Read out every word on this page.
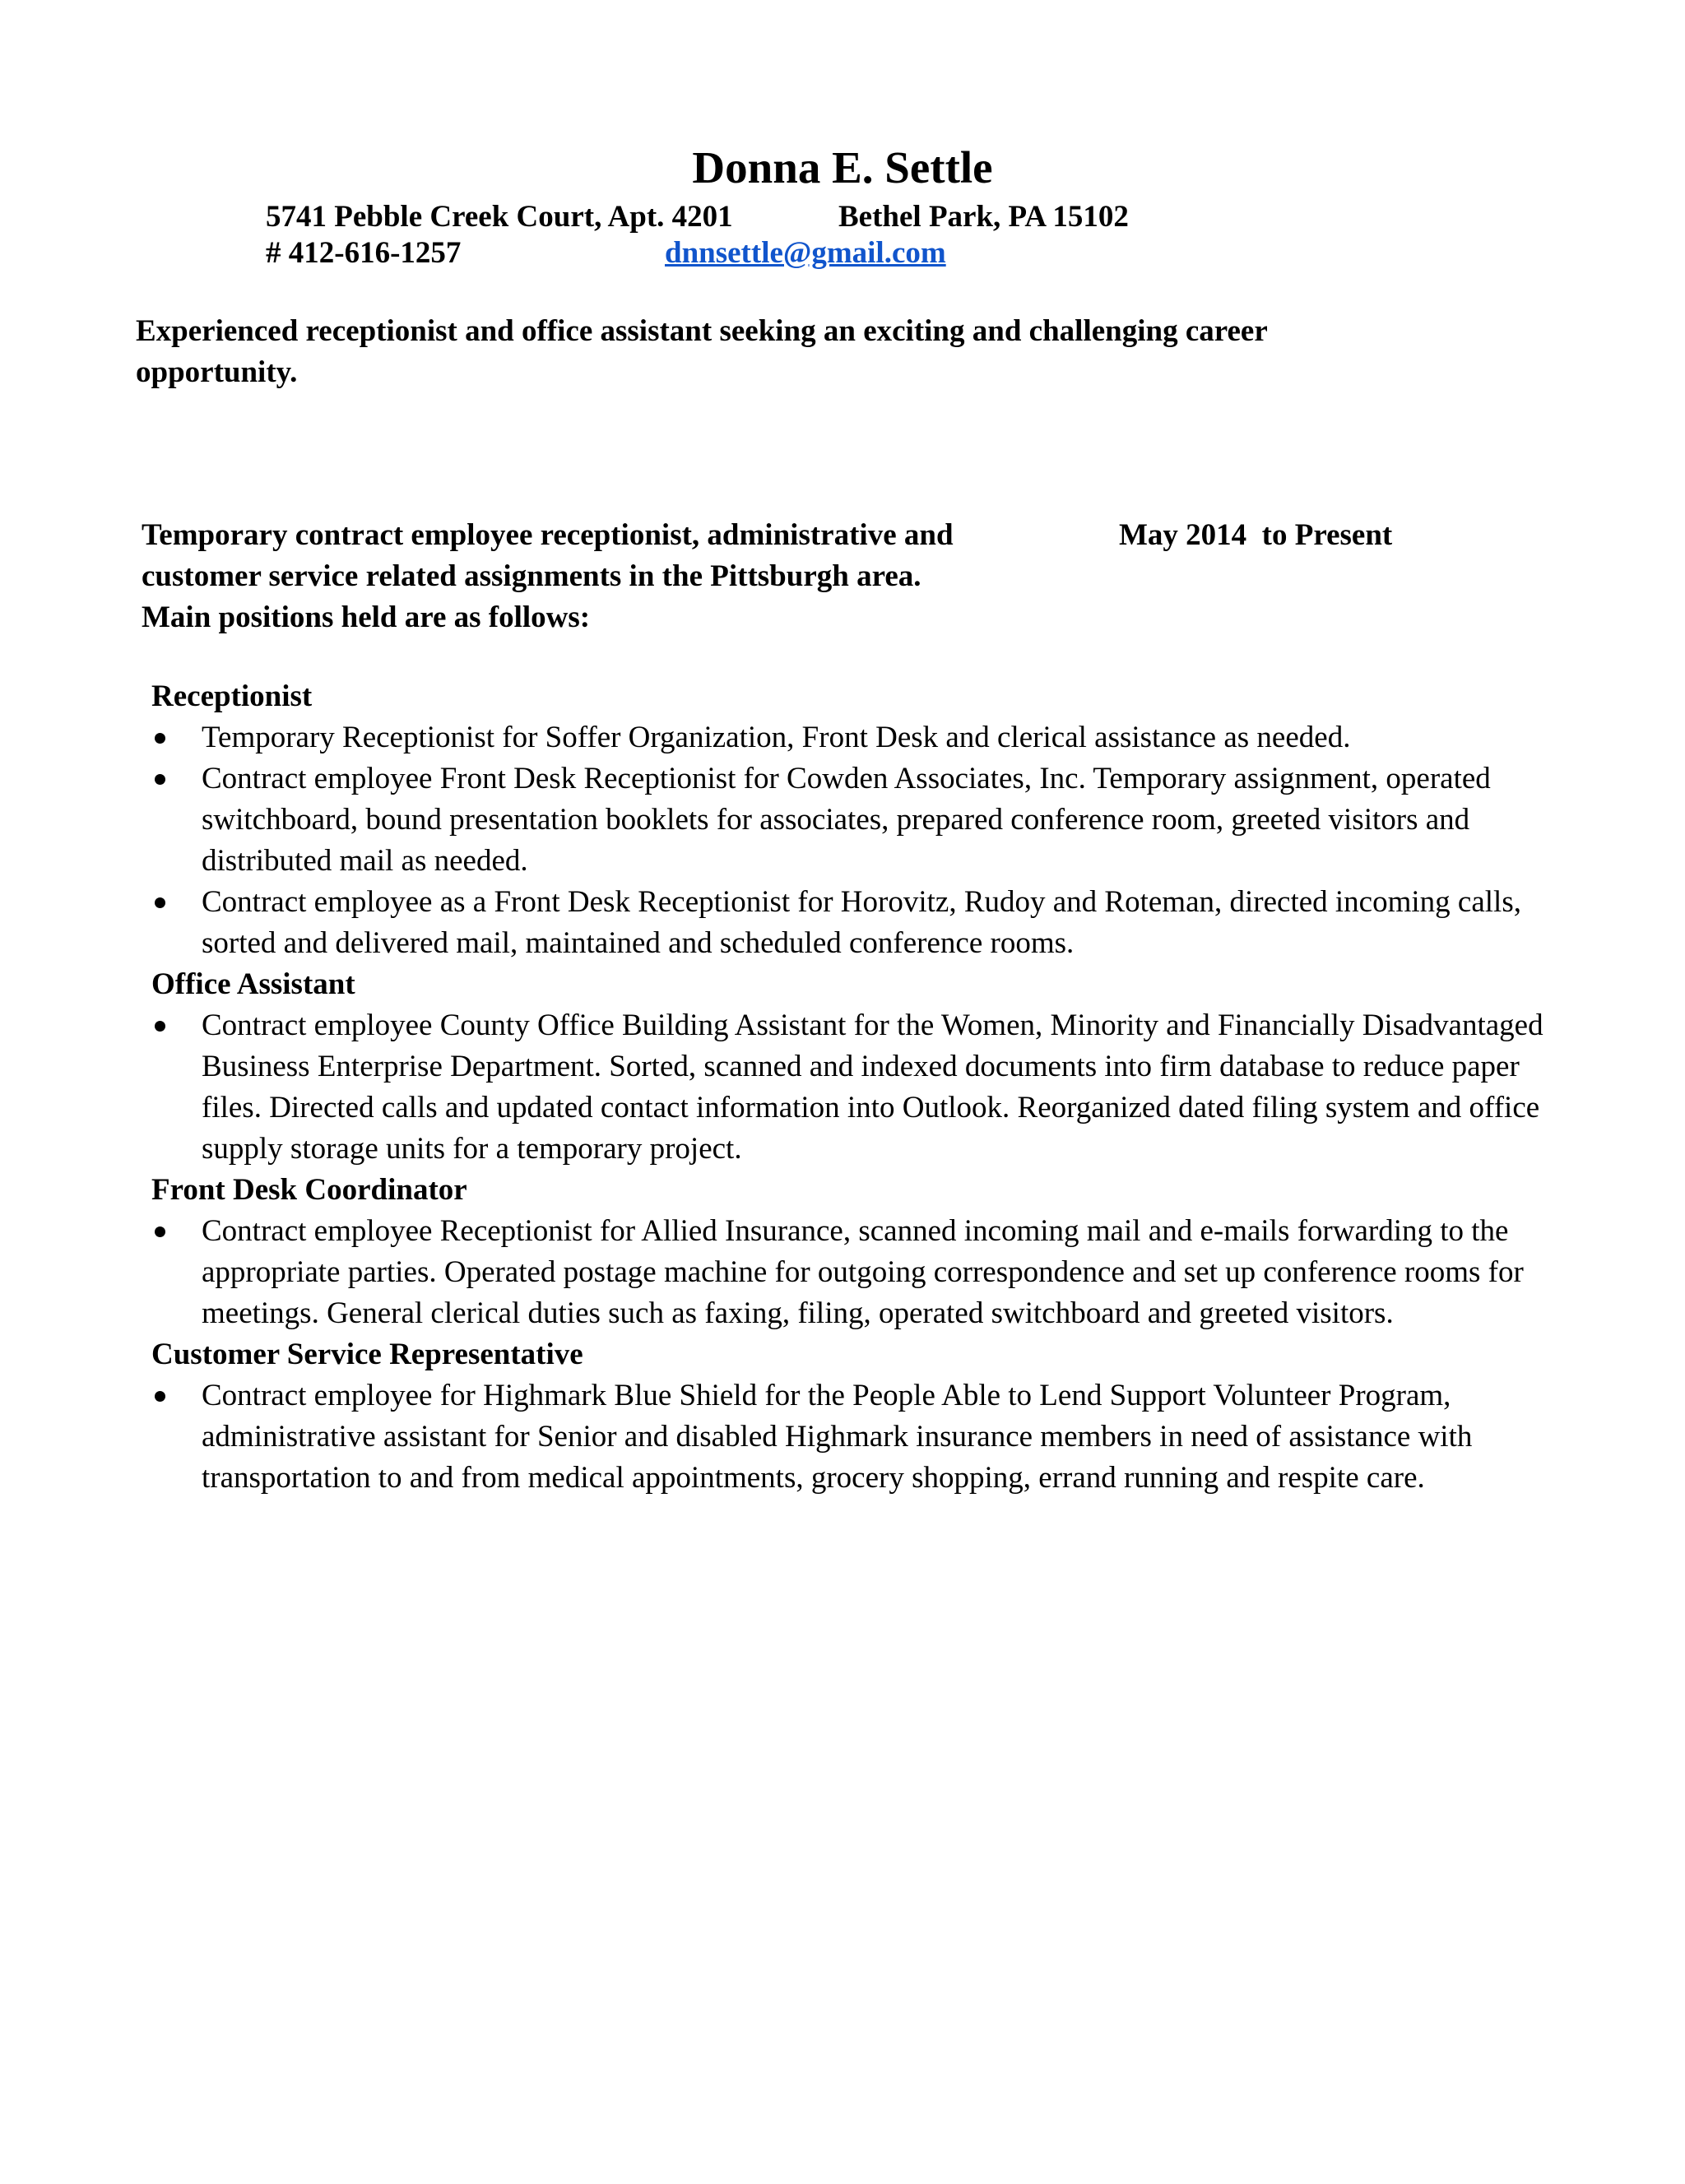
Donna E. Settle
5741 Pebble Creek Court, Apt. 4201	Bethel Park, PA 15102
# 412-616-1257	dnnsettle@gmail.com
Experienced receptionist and office assistant seeking an exciting and challenging career
opportunity.
Temporary contract employee receptionist, administrative and
customer service related assignments in the Pittsburgh area.
Main positions held are as follows:
May 2014  to Present
Receptionist
Temporary Receptionist for Soffer Organization, Front Desk and clerical assistance as needed.
Contract employee Front Desk Receptionist for Cowden Associates, Inc. Temporary assignment, operated switchboard, bound presentation booklets for associates, prepared conference room, greeted visitors and distributed mail as needed.
Contract employee as a Front Desk Receptionist for Horovitz, Rudoy and Roteman, directed incoming calls, sorted and delivered mail, maintained and scheduled conference rooms.
Office Assistant
Contract employee County Office Building Assistant for the Women, Minority and Financially Disadvantaged Business Enterprise Department. Sorted, scanned and indexed documents into firm database to reduce paper files. Directed calls and updated contact information into Outlook. Reorganized dated filing system and office supply storage units for a temporary project.
Front Desk Coordinator
Contract employee Receptionist for Allied Insurance, scanned incoming mail and e-mails forwarding to the appropriate parties. Operated postage machine for outgoing correspondence and set up conference rooms for meetings. General clerical duties such as faxing, filing, operated switchboard and greeted visitors.
Customer Service Representative
Contract employee for Highmark Blue Shield for the People Able to Lend Support Volunteer Program, administrative assistant for Senior and disabled Highmark insurance members in need of assistance with transportation to and from medical appointments, grocery shopping, errand running and respite care.
